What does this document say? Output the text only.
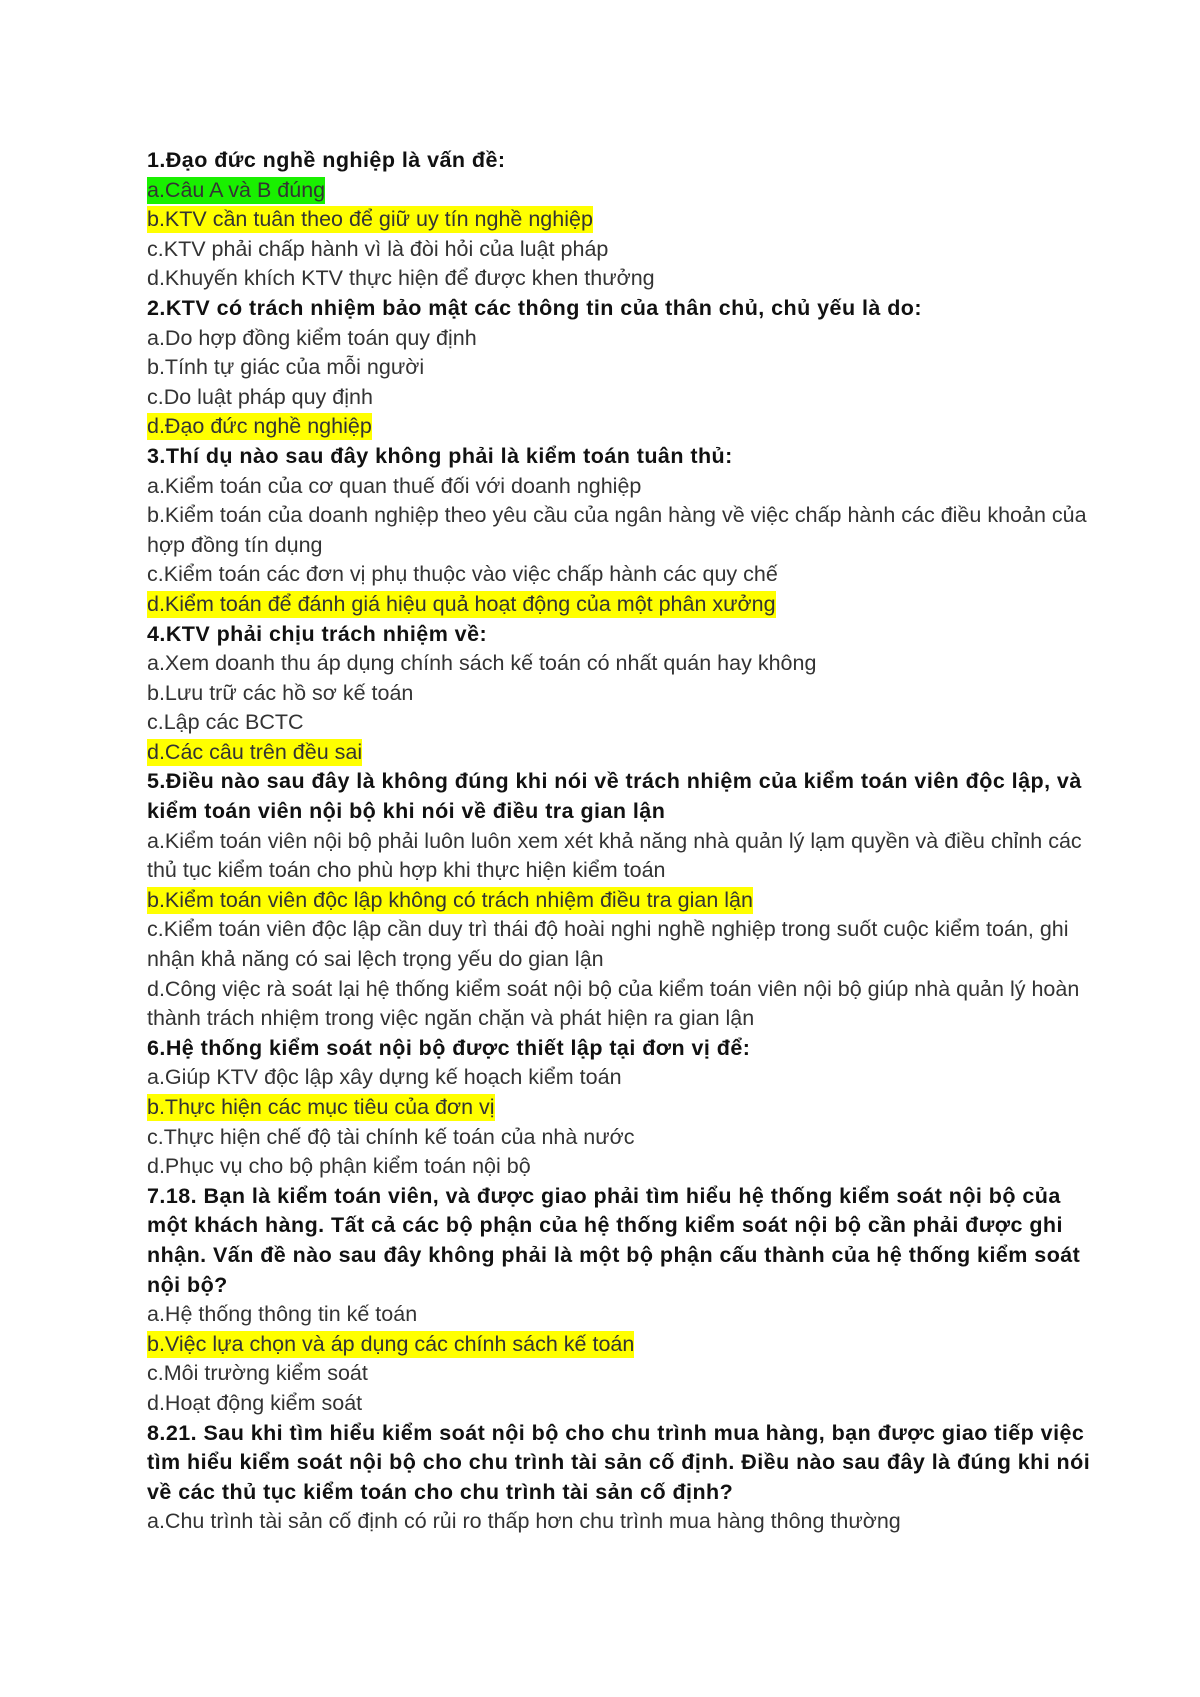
1.Đạo đức nghề nghiệp là vấn đề:

a.Câu A và B đúng

b.KTV cần tuân theo để giữ uy tín nghề nghiệp

c.KTV phải chấp hành vì là đòi hỏi của luật pháp

d.Khuyến khích KTV thực hiện để được khen thưởng

2.KTV có trách nhiệm bảo mật các thông tin của thân chủ, chủ yếu là do:

a.Do hợp đồng kiểm toán quy định

b.Tính tự giác của mỗi người

c.Do luật pháp quy định

d.Đạo đức nghề nghiệp

3.Thí dụ nào sau đây không phải là kiểm toán tuân thủ:

a.Kiểm toán của cơ quan thuế đối với doanh nghiệp

b.Kiểm toán của doanh nghiệp theo yêu cầu của ngân hàng về việc chấp hành các điều khoản của hợp đồng tín dụng

c.Kiểm toán các đơn vị phụ thuộc vào việc chấp hành các quy chế

d.Kiểm toán để đánh giá hiệu quả hoạt động của một phân xưởng

4.KTV phải chịu trách nhiệm về:

a.Xem doanh thu áp dụng chính sách kế toán có nhất quán hay không

b.Lưu trữ các hồ sơ kế toán

c.Lập các BCTC

d.Các câu trên đều sai

5.Điều nào sau đây là không đúng khi nói về trách nhiệm của kiểm toán viên độc lập, và kiểm toán viên nội bộ khi nói về điều tra gian lận

a.Kiểm toán viên nội bộ phải luôn luôn xem xét khả năng nhà quản lý lạm quyền và điều chỉnh các thủ tục kiểm toán cho phù hợp khi thực hiện kiểm toán

b.Kiểm toán viên độc lập không có trách nhiệm điều tra gian lận

c.Kiểm toán viên độc lập cần duy trì thái độ hoài nghi nghề nghiệp trong suốt cuộc kiểm toán, ghi nhận khả năng có sai lệch trọng yếu do gian lận

d.Công việc rà soát lại hệ thống kiểm soát nội bộ của kiểm toán viên nội bộ giúp nhà quản lý hoàn thành trách nhiệm trong việc ngăn chặn và phát hiện ra gian lận

6.Hệ thống kiểm soát nội bộ được thiết lập tại đơn vị để:

a.Giúp KTV độc lập xây dựng kế hoạch kiểm toán

b.Thực hiện các mục tiêu của đơn vị

c.Thực hiện chế độ tài chính kế toán của nhà nước

d.Phục vụ cho bộ phận kiểm toán nội bộ

7.18. Bạn là kiểm toán viên, và được giao phải tìm hiểu hệ thống kiểm soát nội bộ của một khách hàng. Tất cả các bộ phận của hệ thống kiểm soát nội bộ cần phải được ghi nhận. Vấn đề nào sau đây không phải là một bộ phận cấu thành của hệ thống kiểm soát nội bộ?

a.Hệ thống thông tin kế toán

b.Việc lựa chọn và áp dụng các chính sách kế toán

c.Môi trường kiểm soát

d.Hoạt động kiểm soát

8.21. Sau khi tìm hiểu kiểm soát nội bộ cho chu trình mua hàng, bạn được giao tiếp việc tìm hiểu kiểm soát nội bộ cho chu trình tài sản cố định. Điều nào sau đây là đúng khi nói về các thủ tục kiểm toán cho chu trình tài sản cố định?

a.Chu trình tài sản cố định có rủi ro thấp hơn chu trình mua hàng thông thường
